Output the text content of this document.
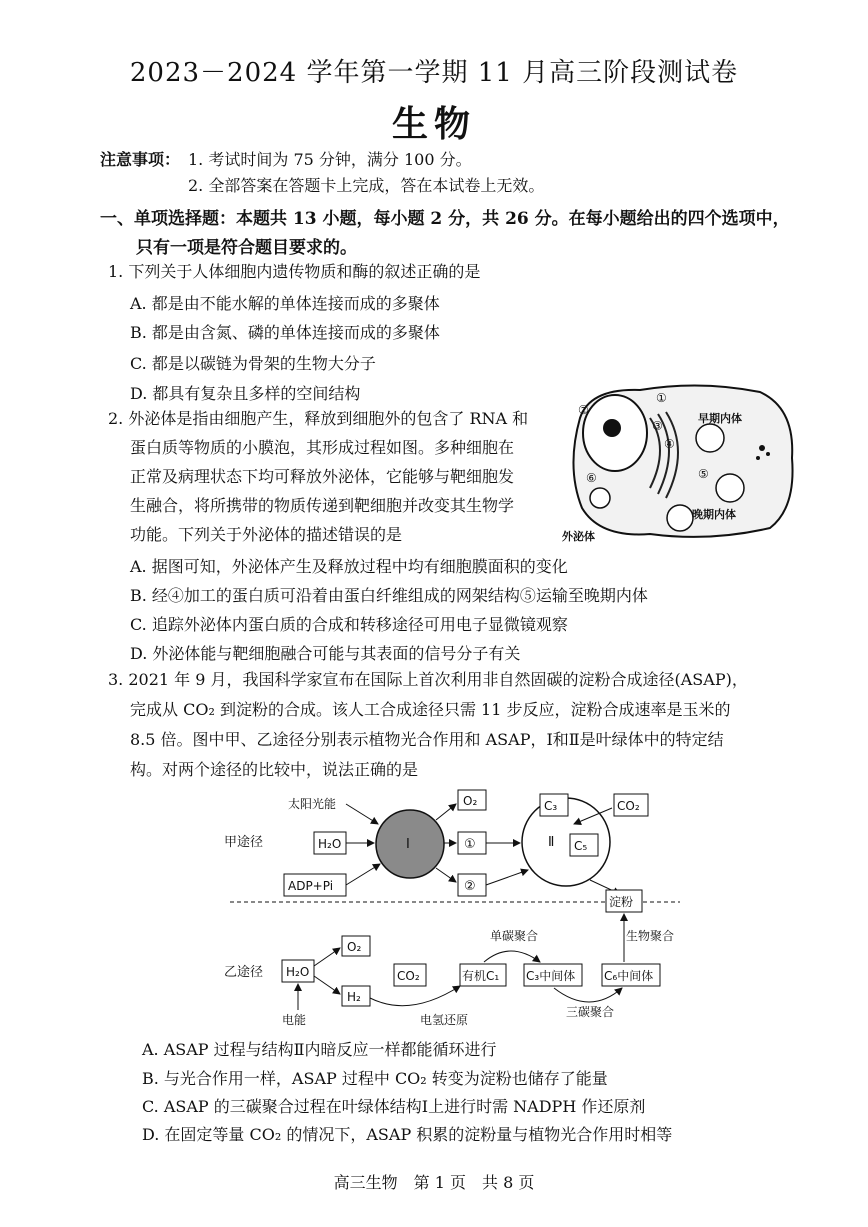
2023－2024 学年第一学期 11 月高三阶段测试卷
生物
注意事项： 1. 考试时间为 75 分钟，满分 100 分。
2. 全部答案在答题卡上完成，答在本试卷上无效。
一、单项选择题：本题共 13 小题，每小题 2 分，共 26 分。在每小题给出的四个选项中，
只有一项是符合题目要求的。
1. 下列关于人体细胞内遗传物质和酶的叙述正确的是
A. 都是由不能水解的单体连接而成的多聚体
B. 都是由含氮、磷的单体连接而成的多聚体
C. 都是以碳链为骨架的生物大分子
D. 都具有复杂且多样的空间结构
2. 外泌体是指由细胞产生，释放到细胞外的包含了 RNA 和
蛋白质等物质的小膜泡，其形成过程如图。多种细胞在
正常及病理状态下均可释放外泌体，它能够与靶细胞发
生融合，将所携带的物质传递到靶细胞并改变其生物学
功能。下列关于外泌体的描述错误的是
②
①
③
④
⑤
⑥
早期内体
晚期内体
外泌体
A. 据图可知，外泌体产生及释放过程中均有细胞膜面积的变化
B. 经④加工的蛋白质可沿着由蛋白纤维组成的网架结构⑤运输至晚期内体
C. 追踪外泌体内蛋白质的合成和转移途径可用电子显微镜观察
D. 外泌体能与靶细胞融合可能与其表面的信号分子有关
3. 2021 年 9 月，我国科学家宣布在国际上首次利用非自然固碳的淀粉合成途径(ASAP)，
完成从 CO₂ 到淀粉的合成。该人工合成途径只需 11 步反应，淀粉合成速率是玉米的
8.5 倍。图中甲、乙途径分别表示植物光合作用和 ASAP，Ⅰ和Ⅱ是叶绿体中的特定结
构。对两个途径的比较中，说法正确的是
甲途径
太阳光能
H₂O
ADP+Pi
Ⅰ
O₂
①
②
Ⅱ
C₃
C₅
CO₂
淀粉
乙途径 H₂O
电能
O₂
H₂
CO₂
电氢还原
有机C₁
单碳聚合
C₃中间体
三碳聚合
C₆中间体
生物聚合
A. ASAP 过程与结构Ⅱ内暗反应一样都能循环进行
B. 与光合作用一样，ASAP 过程中 CO₂ 转变为淀粉也储存了能量
C. ASAP 的三碳聚合过程在叶绿体结构Ⅰ上进行时需 NADPH 作还原剂
D. 在固定等量 CO₂ 的情况下，ASAP 积累的淀粉量与植物光合作用时相等
高三生物　第 1 页　共 8 页
